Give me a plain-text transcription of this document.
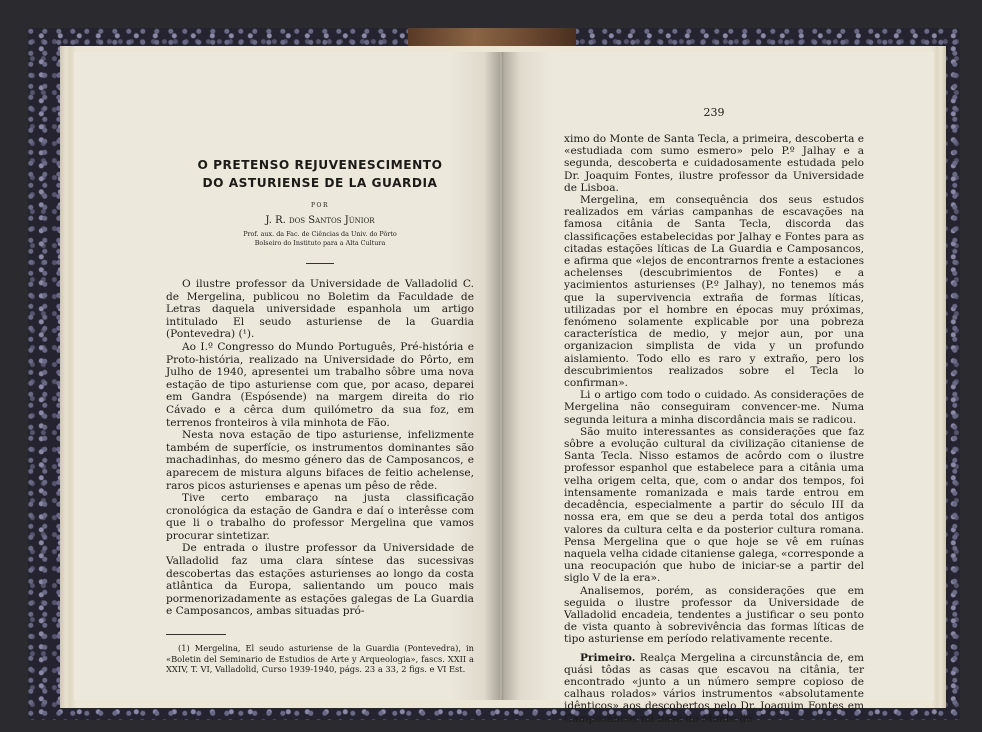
O PRETENSO REJUVENESCIMENTO
DO ASTURIENSE DE LA GUARDIA
POR
J. R. dos Santos Júnior
Prof. aux. da Fac. de Ciências da Univ. do Pôrto
Bolseiro do Instituto para a Alta Cultura

O ilustre professor da Universidade de Valladolid C. de Mergelina, publicou no Boletim da Faculdade de Letras daquela universidade espanhola um artigo intitulado El seudo asturiense de la Guardia (Pontevedra) (¹).

Ao I.º Congresso do Mundo Português, Pré-história e Proto-história, realizado na Universidade do Pôrto, em Julho de 1940, apresentei um trabalho sôbre uma nova estação de tipo asturiense com que, por acaso, deparei em Gandra (Espósende) na margem direita do rio Cávado e a cêrca dum quilómetro da sua foz, em terrenos fronteiros à vila minhota de Fão.

Nesta nova estação de tipo asturiense, infelizmente também de superfície, os instrumentos dominantes são machadinhas, do mesmo género das de Camposancos, e aparecem de mistura alguns bifaces de feitio achelense, raros picos asturienses e apenas um pêso de rêde.

Tive certo embaraço na justa classificação cronológica da estação de Gandra e daí o interêsse com que li o trabalho do professor Mergelina que vamos procurar sintetizar.

De entrada o ilustre professor da Universidade de Valladolid faz uma clara síntese das sucessivas descobertas das estações asturienses ao longo da costa atlântica da Europa, salientando um pouco mais pormenorizadamente as estações galegas de La Guardia e Camposancos, ambas situadas pró-

(1) Mergelina, El seudo asturiense de la Guardia (Pontevedra), in «Boletin del Seminario de Estudios de Arte y Arqueologia», fascs. XXII a XXIV, T. VI, Valladolid, Curso 1939-1940, págs. 23 a 33, 2 figs. e VI Est.
239

ximo do Monte de Santa Tecla, a primeira, descoberta e «estudiada com sumo esmero» pelo P.º Jalhay e a segunda, descoberta e cuidadosamente estudada pelo Dr. Joaquim Fontes, ilustre professor da Universidade de Lisboa.

Mergelina, em consequência dos seus estudos realizados em várias campanhas de escavações na famosa citânia de Santa Tecla, discorda das classificações estabelecidas por Jalhay e Fontes para as citadas estações líticas de La Guardia e Camposancos, e afirma que «lejos de encontrarnos frente a estaciones achelenses (descubrimientos de Fontes) e a yacimientos asturienses (P.º Jalhay), no tenemos más que la supervivencia extraña de formas líticas, utilizadas por el hombre en épocas muy próximas, fenómeno solamente explicable por una pobreza característica de medio, y mejor aun, por una organizacion simplista de vida y un profundo aislamiento. Todo ello es raro y extraño, pero los descubrimientos realizados sobre el Tecla lo confirman».

Li o artigo com todo o cuidado. As considerações de Mergelina não conseguiram convencer-me. Numa segunda leitura a minha discordância mais se radicou.

São muito interessantes as considerações que faz sôbre a evolução cultural da civilização citaniense de Santa Tecla. Nisso estamos de acôrdo com o ilustre professor espanhol que estabelece para a citânia uma velha origem celta, que, com o andar dos tempos, foi intensamente romanizada e mais tarde entrou em decadência, especialmente a partir do século III da nossa era, em que se deu a perda total dos antigos valores da cultura celta e da posterior cultura romana. Pensa Mergelina que o que hoje se vê em ruínas naquela velha cidade citaniense galega, «corresponde a una reocupación que hubo de iniciar-se a partir del siglo V de la era».

Analisemos, porém, as considerações que em seguida o ilustre professor da Universidade de Valladolid encadeia, tendentes a justificar o seu ponto de vista quanto à sobrevivência das formas líticas de tipo asturiense em período relativamente recente.

Primeiro. Realça Mergelina a circunstância de, em quási tôdas as casas que escavou na citânia, ter encontrado «junto a un número sempre copioso de calhaus rolados» vários instrumentos «absolutamente idênticos» aos descobertos pelo Dr. Joaquim Fontes em Camposancos na base do Monte de
